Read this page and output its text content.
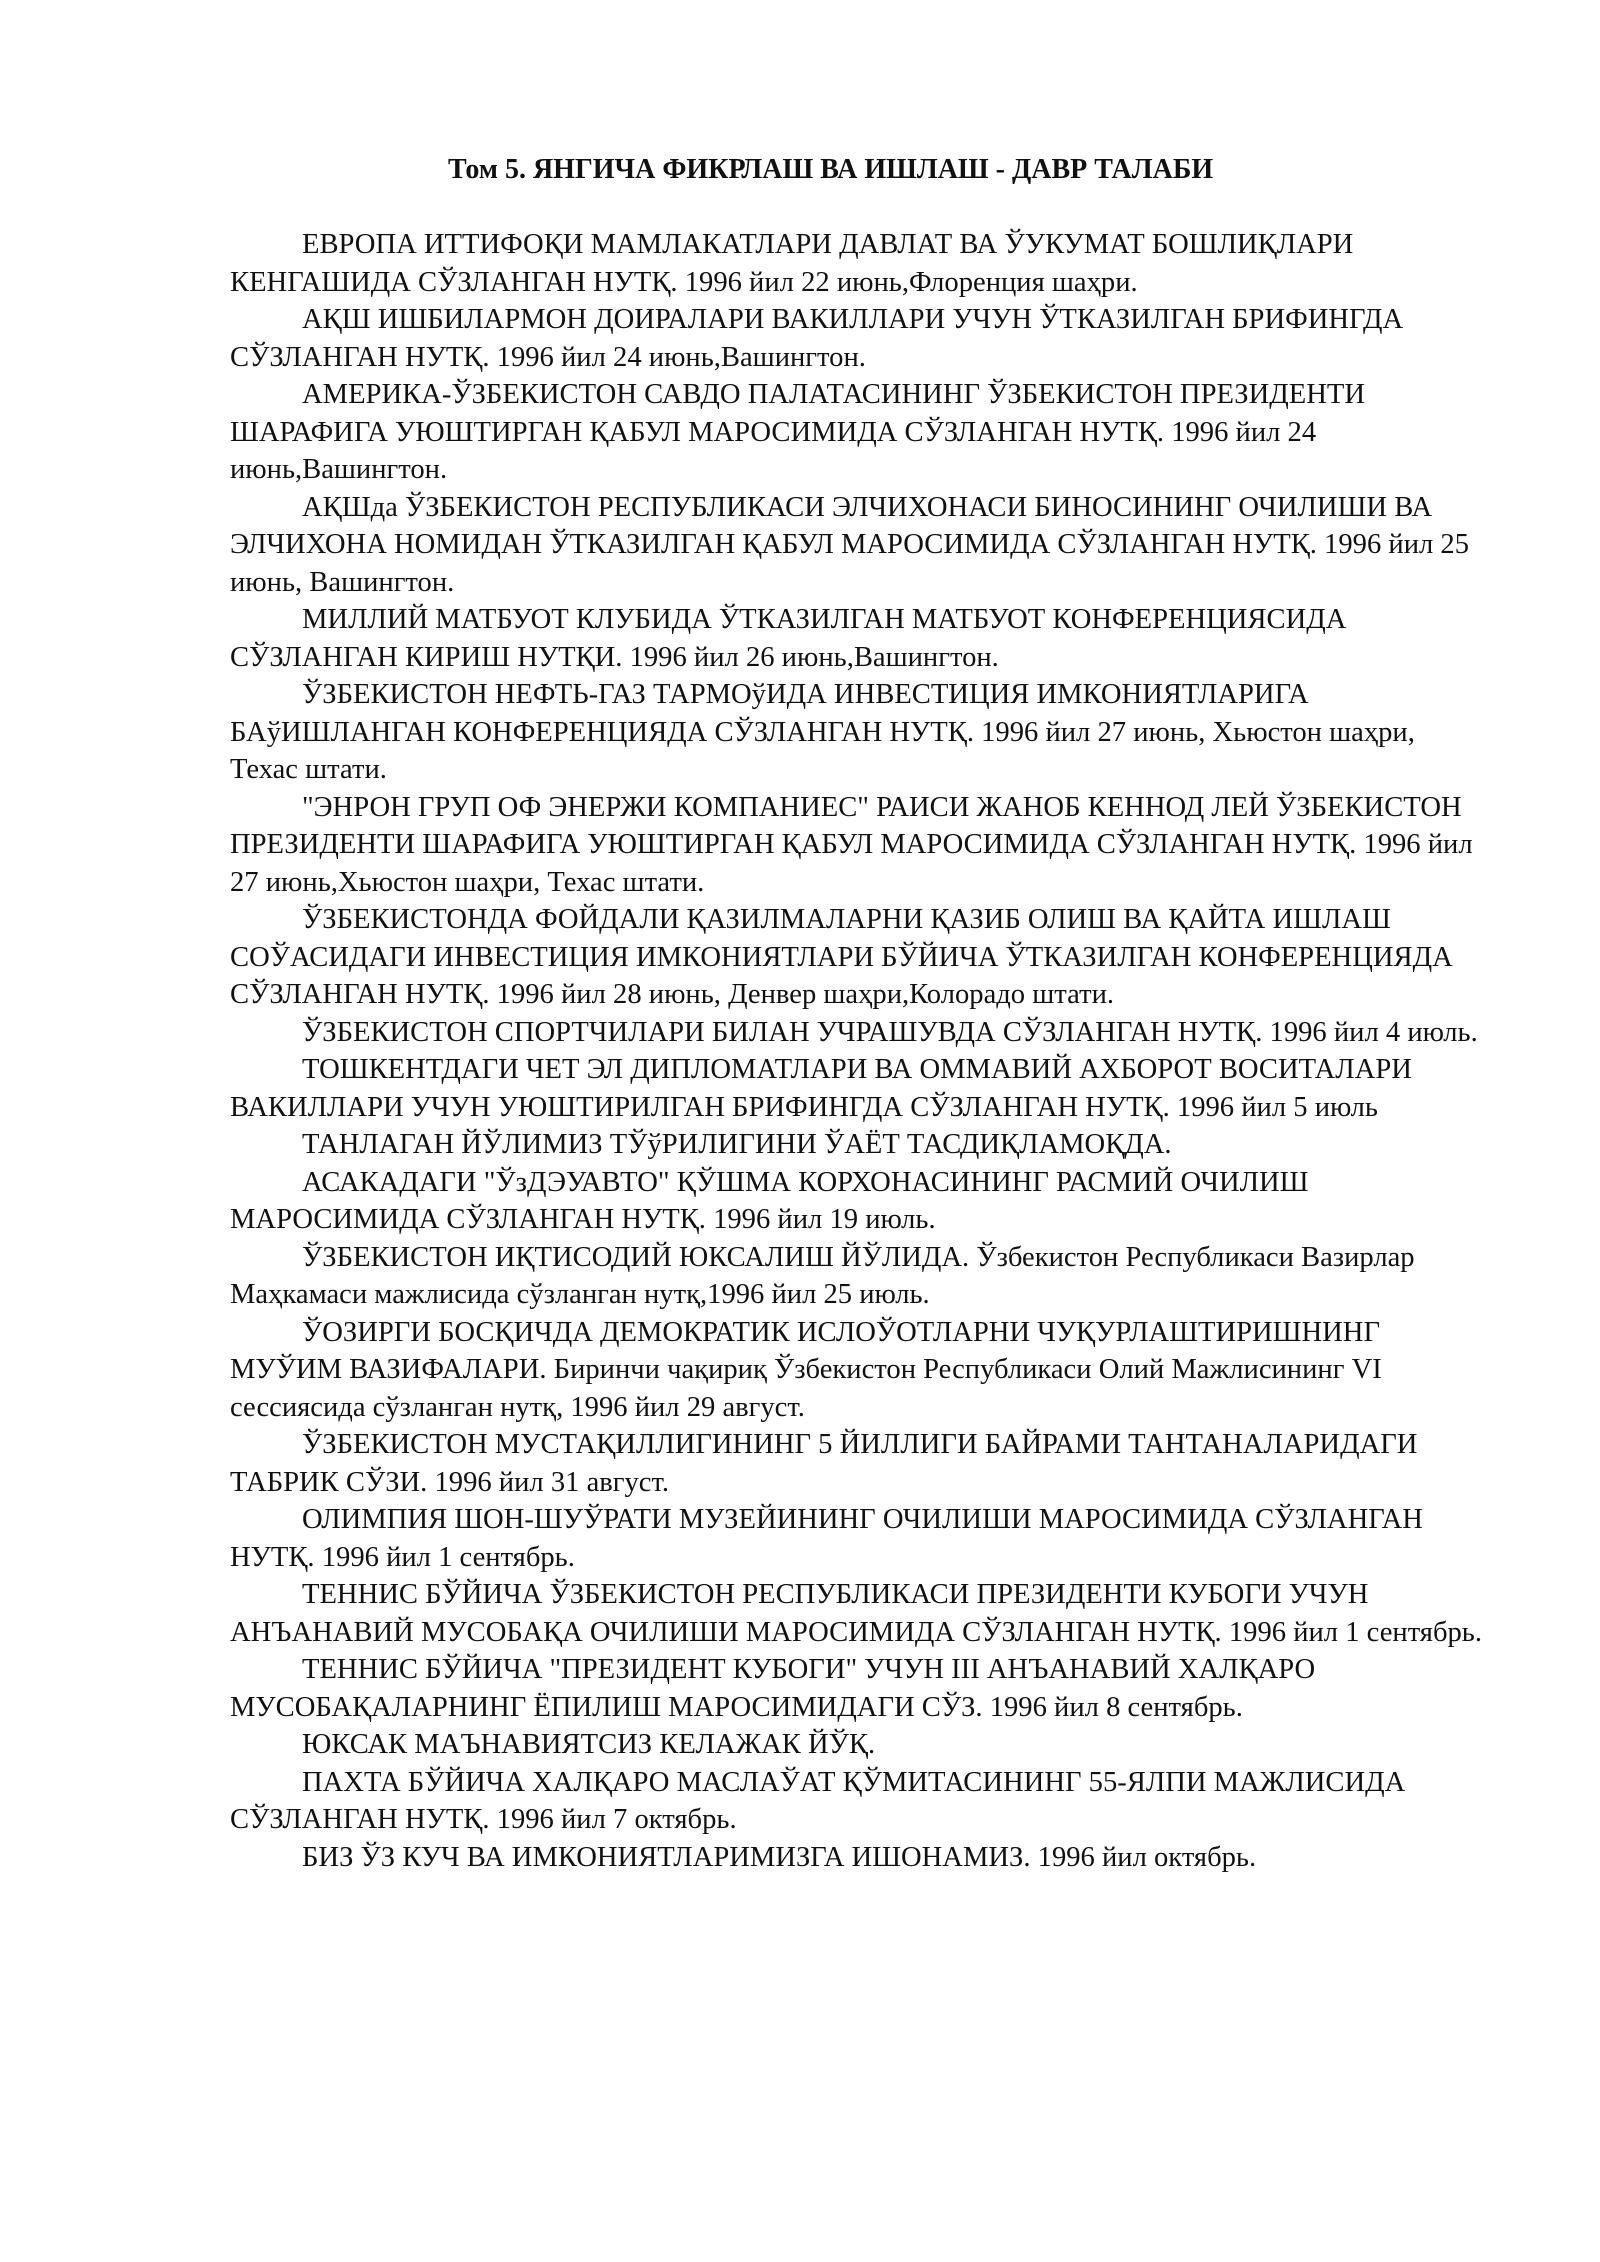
Том 5. ЯНГИЧА ФИКРЛАШ ВА ИШЛАШ - ДАВР ТАЛАБИ
ЕВРОПА ИТТИФОҚИ МАМЛАКАТЛАРИ ДАВЛАТ ВА ЎУКУМАТ БОШЛИҚЛАРИ КЕНГАШИДА СЎЗЛАНГАН НУТҚ. 1996 йил 22 июнь,Флоренция шаҳри.
АҚШ ИШБИЛАРМОН ДОИРАЛАРИ ВАКИЛЛАРИ УЧУН ЎТКАЗИЛГАН БРИФИНГДА СЎЗЛАНГАН НУТҚ. 1996 йил 24 июнь,Вашингтон.
АМЕРИКА-ЎЗБЕКИСТОН САВДО ПАЛАТАСИНИНГ ЎЗБЕКИСТОН ПРЕЗИДЕНТИ ШАРАФИГА УЮШТИРГАН ҚАБУЛ МАРОСИМИДА СЎЗЛАНГАН НУТҚ. 1996 йил 24 июнь,Вашингтон.
АҚШда ЎЗБЕКИСТОН РЕСПУБЛИКАСИ ЭЛЧИХОНАСИ БИНОСИНИНГ ОЧИЛИШИ ВА ЭЛЧИХОНА НОМИДАН ЎТКАЗИЛГАН ҚАБУЛ МАРОСИМИДА СЎЗЛАНГАН НУТҚ. 1996 йил 25 июнь, Вашингтон.
МИЛЛИЙ МАТБУОТ КЛУБИДА ЎТКАЗИЛГАН МАТБУОТ КОНФЕРЕНЦИЯСИДА СЎЗЛАНГАН КИРИШ НУТҚИ. 1996 йил 26 июнь,Вашингтон.
ЎЗБЕКИСТОН НЕФТЬ-ГАЗ ТАРМОўИДА ИНВЕСТИЦИЯ ИМКОНИЯТЛАРИГА БАўИШЛАНГАН КОНФЕРЕНЦИЯДА СЎЗЛАНГАН НУТҚ. 1996 йил 27 июнь, Хьюстон шаҳри, Техас штати.
"ЭНРОН ГРУП ОФ ЭНЕРЖИ КОМПАНИЕС" РАИСИ ЖАНОБ КЕННОД ЛЕЙ ЎЗБЕКИСТОН ПРЕЗИДЕНТИ ШАРАФИГА УЮШТИРГАН ҚАБУЛ МАРОСИМИДА СЎЗЛАНГАН НУТҚ. 1996 йил 27 июнь,Хьюстон шаҳри, Техас штати.
ЎЗБЕКИСТОНДА ФОЙДАЛИ ҚАЗИЛМАЛАРНИ ҚАЗИБ ОЛИШ ВА ҚАЙТА ИШЛАШ СОЎАСИДАГИ ИНВЕСТИЦИЯ ИМКОНИЯТЛАРИ БЎЙИЧА ЎТКАЗИЛГАН КОНФЕРЕНЦИЯДА СЎЗЛАНГАН НУТҚ. 1996 йил 28 июнь, Денвер шаҳри,Колорадо штати.
ЎЗБЕКИСТОН СПОРТЧИЛАРИ БИЛАН УЧРАШУВДА СЎЗЛАНГАН НУТҚ. 1996 йил 4 июль.
ТОШКЕНТДАГИ ЧЕТ ЭЛ ДИПЛОМАТЛАРИ ВА ОММАВИЙ АХБОРОТ ВОСИТАЛАРИ ВАКИЛЛАРИ УЧУН УЮШТИРИЛГАН БРИФИНГДА СЎЗЛАНГАН НУТҚ. 1996 йил 5 июль
ТАНЛАГАН ЙЎЛИМИЗ ТЎўРИЛИГИНИ ЎАЁТ ТАСДИҚЛАМОҚДА.
АСАКАДАГИ "ЎзДЭУАВТО" ҚЎШМА КОРХОНАСИНИНГ РАСМИЙ ОЧИЛИШ МАРОСИМИДА СЎЗЛАНГАН НУТҚ. 1996 йил 19 июль.
ЎЗБЕКИСТОН ИҚТИСОДИЙ ЮКСАЛИШ ЙЎЛИДА. Ўзбекистон Республикаси Вазирлар Маҳкамаси мажлисида сўзланган нутқ,1996 йил 25 июль.
ЎОЗИРГИ БОСҚИЧДА ДЕМОКРАТИК ИСЛОЎОТЛАРНИ ЧУҚУРЛАШТИРИШНИНГ МУЎИМ ВАЗИФАЛАРИ. Биринчи чақириқ Ўзбекистон Республикаси Олий Мажлисининг VI сессиясида сўзланган нутқ, 1996 йил 29 август.
ЎЗБЕКИСТОН МУСТАҚИЛЛИГИНИНГ 5 ЙИЛЛИГИ БАЙРАМИ ТАНТАНАЛАРИДАГИ ТАБРИК СЎЗИ. 1996 йил 31 август.
ОЛИМПИЯ ШОН-ШУЎРАТИ МУЗЕЙИНИНГ ОЧИЛИШИ МАРОСИМИДА СЎЗЛАНГАН НУТҚ. 1996 йил 1 сентябрь.
ТЕННИС БЎЙИЧА ЎЗБЕКИСТОН РЕСПУБЛИКАСИ ПРЕЗИДЕНТИ КУБОГИ УЧУН АНЪАНАВИЙ МУСОБАҚА ОЧИЛИШИ МАРОСИМИДА СЎЗЛАНГАН НУТҚ. 1996 йил 1 сентябрь.
ТЕННИС БЎЙИЧА "ПРЕЗИДЕНТ КУБОГИ" УЧУН III АНЪАНАВИЙ ХАЛҚАРО МУСОБАҚАЛАРНИНГ ЁПИЛИШ МАРОСИМИДАГИ СЎЗ. 1996 йил 8 сентябрь.
ЮКСАК МАЪНАВИЯТСИЗ КЕЛАЖАК ЙЎҚ.
ПАХТА БЎЙИЧА ХАЛҚАРО МАСЛАЎАТ ҚЎМИТАСИНИНГ 55-ЯЛПИ МАЖЛИСИДА СЎЗЛАНГАН НУТҚ. 1996 йил 7 октябрь.
БИЗ ЎЗ КУЧ ВА ИМКОНИЯТЛАРИМИЗГА ИШОНАМИЗ. 1996 йил октябрь.
